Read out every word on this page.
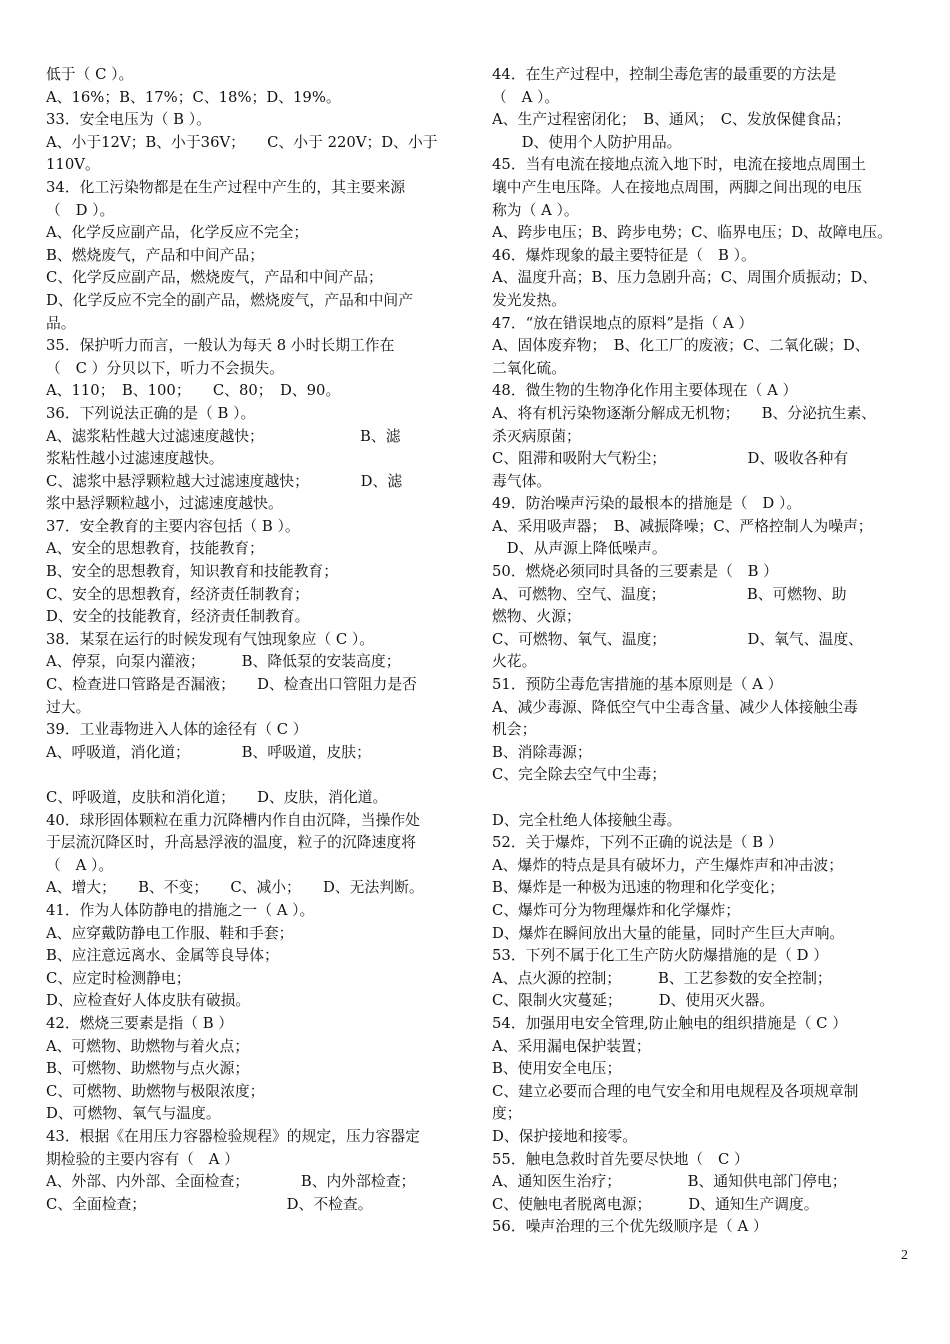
低于（ C ）。
A、16%；B、17%；C、18%；D、19%。
33．安全电压为（ B ）。
A、小于12V；B、小于36V；　　C、小于 220V；D、小于
110V。
34．化工污染物都是在生产过程中产生的，其主要来源
（　D ）。
A、化学反应副产品，化学反应不完全；
B、燃烧废气，产品和中间产品；
C、化学反应副产品，燃烧废气，产品和中间产品；
D、化学反应不完全的副产品，燃烧废气，产品和中间产
品。
35．保护听力而言，一般认为每天 8 小时长期工作在
（　C ）分贝以下，听力不会损失。
A、110；　B、100；　　C、80；　D、90。
36．下列说法正确的是（ B ）。
A、滤浆粘性越大过滤速度越快；　　　　　　　B、滤
浆粘性越小过滤速度越快。
C、滤浆中悬浮颗粒越大过滤速度越快；　　　　D、滤
浆中悬浮颗粒越小，过滤速度越快。
37．安全教育的主要内容包括（ B ）。
A、安全的思想教育，技能教育；
B、安全的思想教育，知识教育和技能教育；
C、安全的思想教育，经济责任制教育；
D、安全的技能教育，经济责任制教育。
38．某泵在运行的时候发现有气蚀现象应（ C ）。
A、停泵，向泵内灌液；　　　B、降低泵的安装高度；
C、检查进口管路是否漏液；　　D、检查出口管阻力是否
过大。
39．工业毒物进入人体的途径有（ C ）
A、呼吸道，消化道；　　　　B、呼吸道，皮肤；
C、呼吸道，皮肤和消化道；　　D、皮肤，消化道。
40．球形固体颗粒在重力沉降槽内作自由沉降，当操作处
于层流沉降区时，升高悬浮液的温度，粒子的沉降速度将
（　A ）。
A、增大；　　B、不变；　　C、减小；　　D、无法判断。
41．作为人体防静电的措施之一（ A ）。
A、应穿戴防静电工作服、鞋和手套；
B、应注意远离水、金属等良导体；
C、应定时检测静电；
D、应检查好人体皮肤有破损。
42．燃烧三要素是指（ B ）
A、可燃物、助燃物与着火点；
B、可燃物、助燃物与点火源；
C、可燃物、助燃物与极限浓度；
D、可燃物、氧气与温度。
43．根据《在用压力容器检验规程》的规定，压力容器定
期检验的主要内容有（　A ）
A、外部、内外部、全面检查；　　　　B、内外部检查；
C、全面检查；　　　　　　　　　　D、不检查。
44．在生产过程中，控制尘毒危害的最重要的方法是
（　A ）。
A、生产过程密闭化；　B、通风；　C、发放保健食品；
　　D、使用个人防护用品。
45．当有电流在接地点流入地下时，电流在接地点周围土
壤中产生电压降。人在接地点周围，两脚之间出现的电压
称为（ A ）。
A、跨步电压；B、跨步电势；C、临界电压；D、故障电压。
46．爆炸现象的最主要特征是（　B ）。
A、温度升高；B、压力急剧升高；C、周围介质振动；D、
发光发热。
47．“放在错误地点的原料”是指（ A ）
A、固体废弃物；　B、化工厂的废液；C、二氧化碳；D、
二氧化硫。
48．微生物的生物净化作用主要体现在（ A ）
A、将有机污染物逐渐分解成无机物；　　B、分泌抗生素、
杀灭病原菌；
C、阻滞和吸附大气粉尘；　　　　　　D、吸收各种有
毒气体。
49．防治噪声污染的最根本的措施是（　D ）。
A、采用吸声器；　B、减振降噪；C、严格控制人为噪声；
　D、从声源上降低噪声。
50．燃烧必须同时具备的三要素是（　B ）
A、可燃物、空气、温度；　　　　　　B、可燃物、助
燃物、火源；
C、可燃物、氧气、温度；　　　　　　D、氧气、温度、
火花。
51．预防尘毒危害措施的基本原则是（ A ）
A、减少毒源、降低空气中尘毒含量、减少人体接触尘毒
机会；
B、消除毒源；
C、完全除去空气中尘毒；
D、完全杜绝人体接触尘毒。
52．关于爆炸，下列不正确的说法是（ B ）
A、爆炸的特点是具有破坏力，产生爆炸声和冲击波；
B、爆炸是一种极为迅速的物理和化学变化；
C、爆炸可分为物理爆炸和化学爆炸；
D、爆炸在瞬间放出大量的能量，同时产生巨大声响。
53．下列不属于化工生产防火防爆措施的是（ D ）
A、点火源的控制；　　　B、工艺参数的安全控制；
C、限制火灾蔓延；　　　D、使用灭火器。
54．加强用电安全管理,防止触电的组织措施是（ C ）
A、采用漏电保护装置；
B、使用安全电压；
C、建立必要而合理的电气安全和用电规程及各项规章制
度；
D、保护接地和接零。
55．触电急救时首先要尽快地（　C ）
A、通知医生治疗；　　　　　B、通知供电部门停电；
C、使触电者脱离电源；　　　D、通知生产调度。
56．噪声治理的三个优先级顺序是（ A ）
2
